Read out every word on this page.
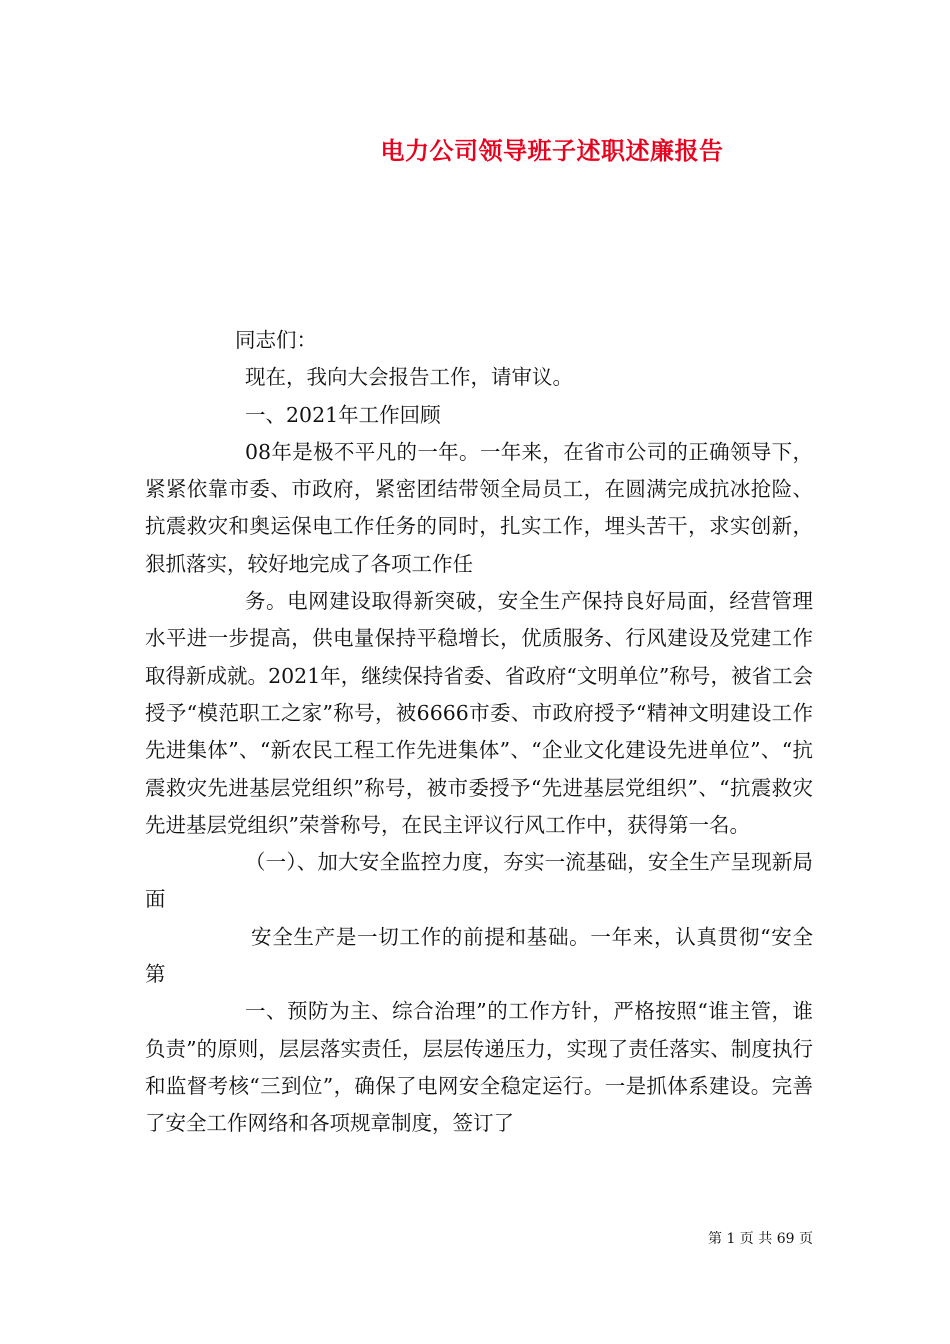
电力公司领导班子述职述廉报告

同志们：

现在，我向大会报告工作，请审议。

一、2021年工作回顾

08年是极不平凡的一年。一年来，在省市公司的正确领导下，紧紧依靠市委、市政府，紧密团结带领全局员工，在圆满完成抗冰抢险、抗震救灾和奥运保电工作任务的同时，扎实工作，埋头苦干，求实创新，狠抓落实，较好地完成了各项工作任

务。电网建设取得新突破，安全生产保持良好局面，经营管理水平进一步提高，供电量保持平稳增长，优质服务、行风建设及党建工作取得新成就。2021年，继续保持省委、省政府“文明单位”称号，被省工会授予“模范职工之家”称号，被6666市委、市政府授予“精神文明建设工作先进集体”、“新农民工程工作先进集体”、“企业文化建设先进单位”、“抗震救灾先进基层党组织”称号，被市委授予“先进基层党组织”、“抗震救灾先进基层党组织”荣誉称号，在民主评议行风工作中，获得第一名。

（一）、加大安全监控力度，夯实一流基础，安全生产呈现新局面

安全生产是一切工作的前提和基础。一年来，认真贯彻“安全第

一、预防为主、综合治理”的工作方针，严格按照“谁主管，谁负责”的原则，层层落实责任，层层传递压力，实现了责任落实、制度执行和监督考核“三到位”，确保了电网安全稳定运行。一是抓体系建设。完善了安全工作网络和各项规章制度，签订了

第 1 页 共 69 页
